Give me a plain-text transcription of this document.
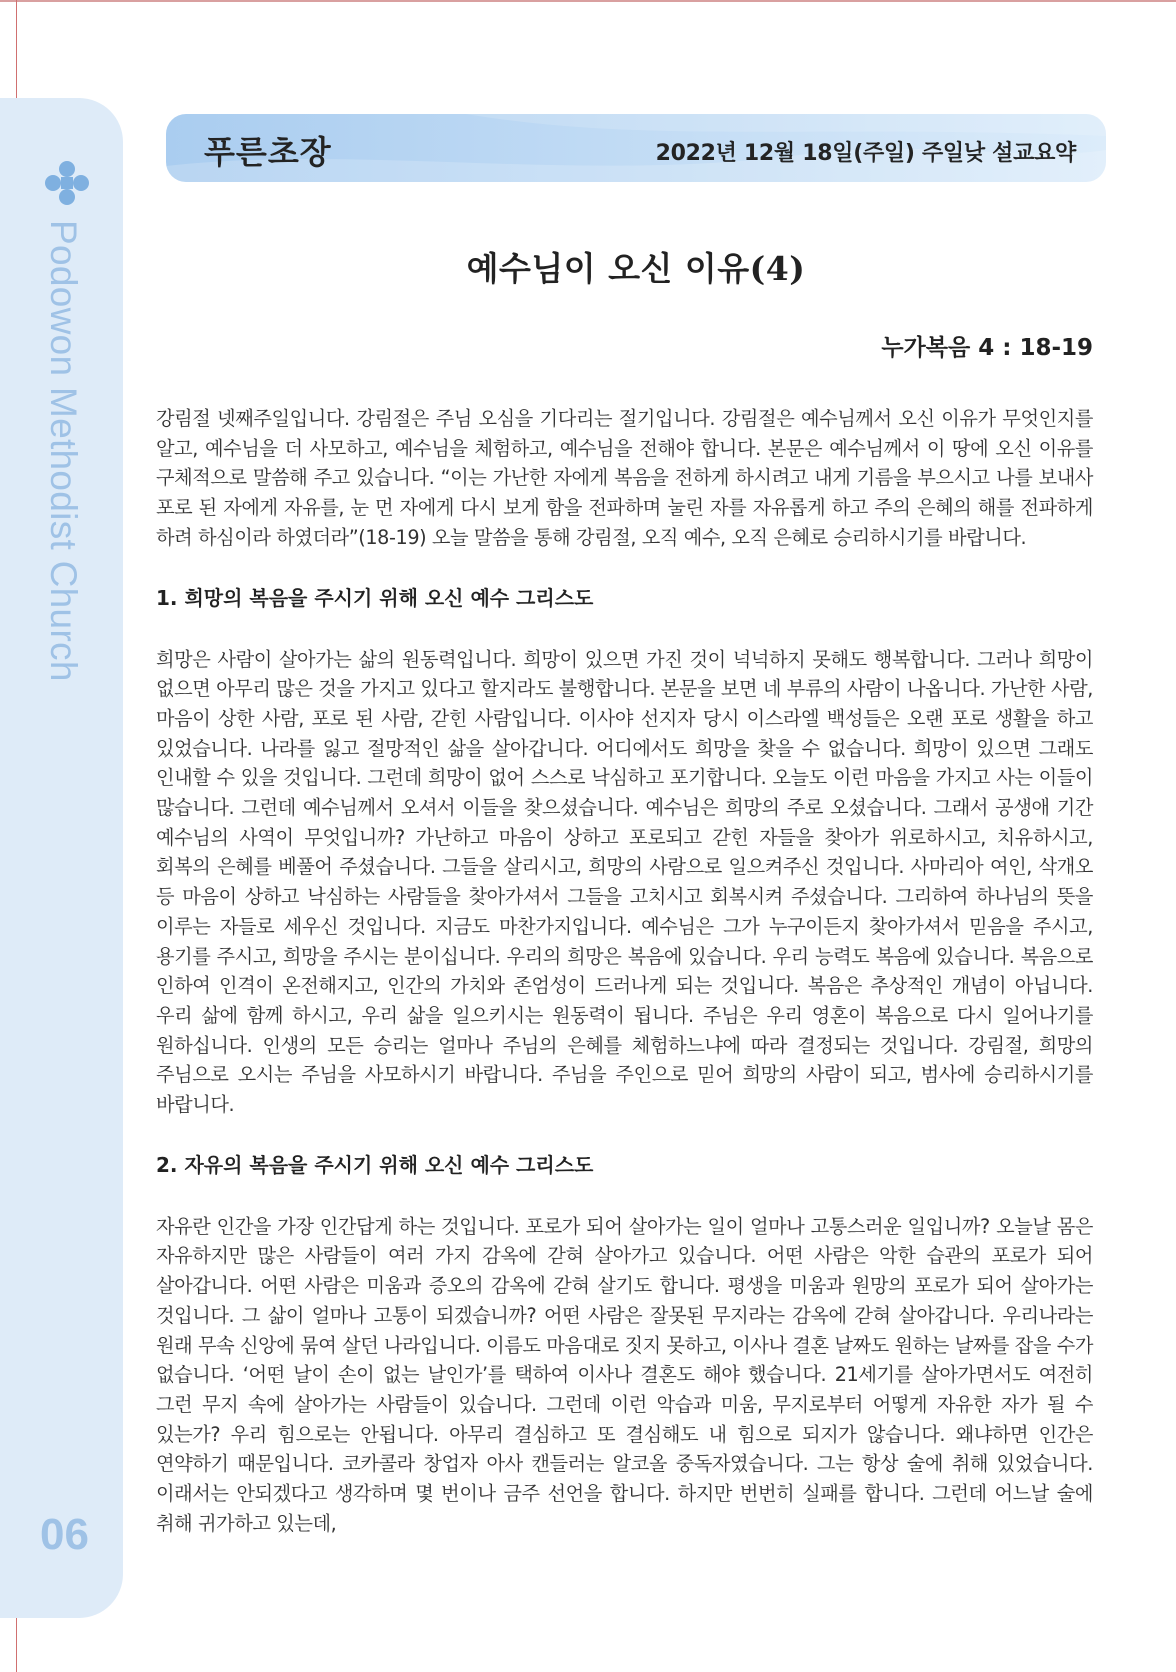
Podowon Methodist Church
06
푸른초장	2022년 12월 18일(주일) 주일낮 설교요약
예수님이 오신 이유(4)
누가복음 4 : 18-19

강림절 넷째주일입니다. 강림절은 주님 오심을 기다리는 절기입니다. 강림절은 예수님께서 오신 이유가 무엇인지를 알고, 예수님을 더 사모하고, 예수님을 체험하고, 예수님을 전해야 합니다. 본문은 예수님께서 이 땅에 오신 이유를 구체적으로 말씀해 주고 있습니다. “이는 가난한 자에게 복음을 전하게 하시려고 내게 기름을 부으시고 나를 보내사 포로 된 자에게 자유를, 눈 먼 자에게 다시 보게 함을 전파하며 눌린 자를 자유롭게 하고 주의 은혜의 해를 전파하게 하려 하심이라 하였더라”(18-19) 오늘 말씀을 통해 강림절, 오직 예수, 오직 은혜로 승리하시기를 바랍니다.

1. 희망의 복음을 주시기 위해 오신 예수 그리스도

희망은 사람이 살아가는 삶의 원동력입니다. 희망이 있으면 가진 것이 넉넉하지 못해도 행복합니다. 그러나 희망이 없으면 아무리 많은 것을 가지고 있다고 할지라도 불행합니다. 본문을 보면 네 부류의 사람이 나옵니다. 가난한 사람, 마음이 상한 사람, 포로 된 사람, 갇힌 사람입니다. 이사야 선지자 당시 이스라엘 백성들은 오랜 포로 생활을 하고 있었습니다. 나라를 잃고 절망적인 삶을 살아갑니다. 어디에서도 희망을 찾을 수 없습니다. 희망이 있으면 그래도 인내할 수 있을 것입니다. 그런데 희망이 없어 스스로 낙심하고 포기합니다. 오늘도 이런 마음을 가지고 사는 이들이 많습니다. 그런데 예수님께서 오셔서 이들을 찾으셨습니다. 예수님은 희망의 주로 오셨습니다. 그래서 공생애 기간 예수님의 사역이 무엇입니까? 가난하고 마음이 상하고 포로되고 갇힌 자들을 찾아가 위로하시고, 치유하시고, 회복의 은혜를 베풀어 주셨습니다. 그들을 살리시고, 희망의 사람으로 일으켜주신 것입니다. 사마리아 여인, 삭개오 등 마음이 상하고 낙심하는 사람들을 찾아가셔서 그들을 고치시고 회복시켜 주셨습니다. 그리하여 하나님의 뜻을 이루는 자들로 세우신 것입니다. 지금도 마찬가지입니다. 예수님은 그가 누구이든지 찾아가셔서 믿음을 주시고, 용기를 주시고, 희망을 주시는 분이십니다. 우리의 희망은 복음에 있습니다. 우리 능력도 복음에 있습니다. 복음으로 인하여 인격이 온전해지고, 인간의 가치와 존엄성이 드러나게 되는 것입니다. 복음은 추상적인 개념이 아닙니다. 우리 삶에 함께 하시고, 우리 삶을 일으키시는 원동력이 됩니다. 주님은 우리 영혼이 복음으로 다시 일어나기를 원하십니다. 인생의 모든 승리는 얼마나 주님의 은혜를 체험하느냐에 따라 결정되는 것입니다. 강림절, 희망의 주님으로 오시는 주님을 사모하시기 바랍니다. 주님을 주인으로 믿어 희망의 사람이 되고, 범사에 승리하시기를 바랍니다.

2. 자유의 복음을 주시기 위해 오신 예수 그리스도

자유란 인간을 가장 인간답게 하는 것입니다. 포로가 되어 살아가는 일이 얼마나 고통스러운 일입니까? 오늘날 몸은 자유하지만 많은 사람들이 여러 가지 감옥에 갇혀 살아가고 있습니다. 어떤 사람은 악한 습관의 포로가 되어 살아갑니다. 어떤 사람은 미움과 증오의 감옥에 갇혀 살기도 합니다. 평생을 미움과 원망의 포로가 되어 살아가는 것입니다. 그 삶이 얼마나 고통이 되겠습니까? 어떤 사람은 잘못된 무지라는 감옥에 갇혀 살아갑니다. 우리나라는 원래 무속 신앙에 묶여 살던 나라입니다. 이름도 마음대로 짓지 못하고, 이사나 결혼 날짜도 원하는 날짜를 잡을 수가 없습니다. ‘어떤 날이 손이 없는 날인가’를 택하여 이사나 결혼도 해야 했습니다. 21세기를 살아가면서도 여전히 그런 무지 속에 살아가는 사람들이 있습니다. 그런데 이런 악습과 미움, 무지로부터 어떻게 자유한 자가 될 수 있는가? 우리 힘으로는 안됩니다. 아무리 결심하고 또 결심해도 내 힘으로 되지가 않습니다. 왜냐하면 인간은 연약하기 때문입니다. 코카콜라 창업자 아사 캔들러는 알코올 중독자였습니다. 그는 항상 술에 취해 있었습니다. 이래서는 안되겠다고 생각하며 몇 번이나 금주 선언을 합니다. 하지만 번번히 실패를 합니다. 그런데 어느날 술에 취해 귀가하고 있는데,
